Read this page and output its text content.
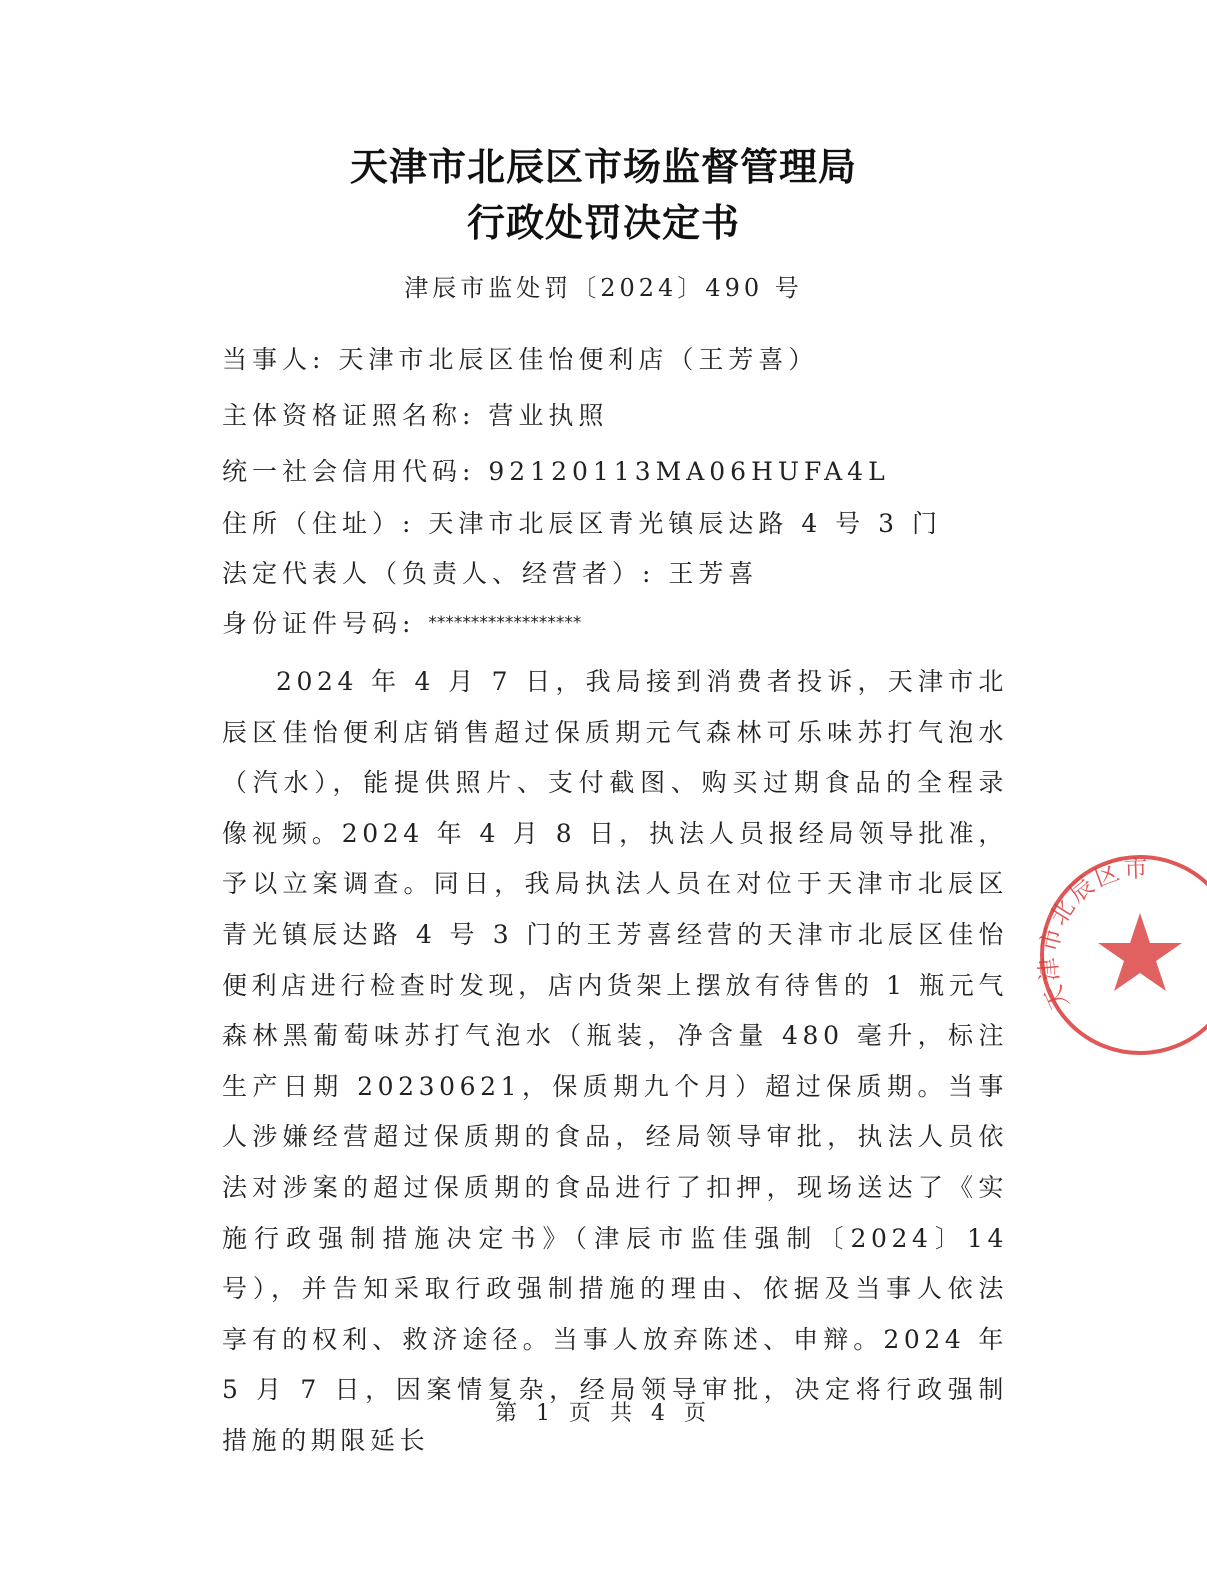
天津市北辰区市场监督管理局
行政处罚决定书
津辰市监处罚〔2024〕490 号
当事人: 天津市北辰区佳怡便利店（王芳喜）
主体资格证照名称: 营业执照
统一社会信用代码: 92120113MA06HUFA4L
住所（住址）: 天津市北辰区青光镇辰达路 4 号 3 门
法定代表人（负责人、经营者）: 王芳喜
身份证件号码: ******************

2024 年 4 月 7 日，我局接到消费者投诉，天津市北辰区佳怡便利店销售超过保质期元气森林可乐味苏打气泡水（汽水），能提供照片、支付截图、购买过期食品的全程录像视频。2024 年 4 月 8 日，执法人员报经局领导批准，予以立案调查。同日，我局执法人员在对位于天津市北辰区青光镇辰达路 4 号 3 门的王芳喜经营的天津市北辰区佳怡便利店进行检查时发现，店内货架上摆放有待售的 1 瓶元气森林黑葡萄味苏打气泡水（瓶装，净含量 480 毫升，标注生产日期 20230621，保质期九个月）超过保质期。当事人涉嫌经营超过保质期的食品，经局领导审批，执法人员依法对涉案的超过保质期的食品进行了扣押，现场送达了《实施行政强制措施决定书》（津辰市监佳强制〔2024〕14 号），并告知采取行政强制措施的理由、依据及当事人依法享有的权利、救济途径。当事人放弃陈述、申辩。2024 年 5 月 7 日，因案情复杂，经局领导审批，决定将行政强制措施的期限延长

第 1 页 共 4 页
天津市北辰区市
